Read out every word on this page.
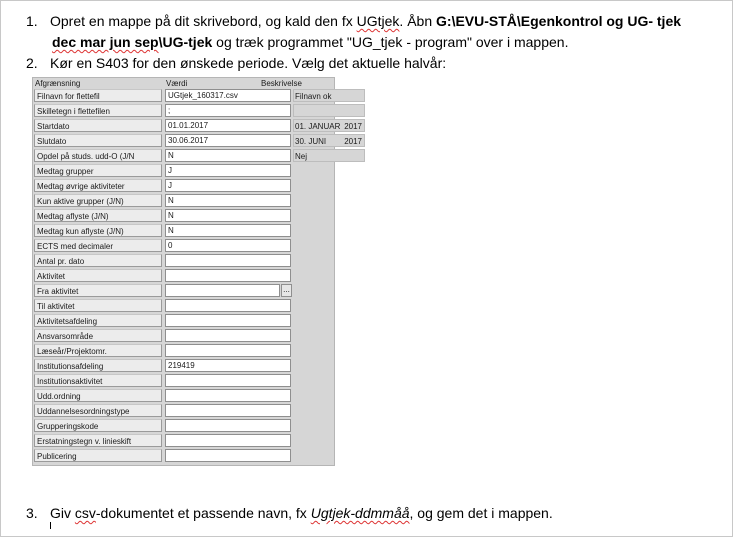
1. Opret en mappe på dit skrivebord, og kald den fx UGtjek. Åbn G:\EVU-STÅ\Egenkontrol og UG- tjek
dec mar jun sep\UG-tjek og træk programmet "UG_tjek - program" over i mappen.
2. Kør en S403 for den ønskede periode. Vælg det aktuelle halvår:
Afgrænsning	Værdi	Beskrivelse
Filnavn for flettefil	UGtjek_160317.csv	Filnavn ok
Skilletegn i flettefilen	;
Startdato	01.01.2017	01. JANUAR 2017
Slutdato	30.06.2017	30. JUNI 2017
Opdel på studs. udd-O (J/N	N	Nej
Medtag grupper	J
Medtag øvrige aktiviteter	J
Kun aktive grupper (J/N)	N
Medtag aflyste (J/N)	N
Medtag kun aflyste (J/N)	N
ECTS med decimaler	0
Antal pr. dato
Aktivitet
Fra aktivitet	...
Til aktivitet
Aktivitetsafdeling
Ansvarsområde
Læseår/Projektomr.
Institutionsafdeling	219419
Institutionsaktivitet
Udd.ordning
Uddannelsesordningstype
Grupperingskode
Erstatningstegn v. linieskift
Publicering
3. Giv csv-dokumentet et passende navn, fx Ugtjek-ddmmåå, og gem det i mappen.
